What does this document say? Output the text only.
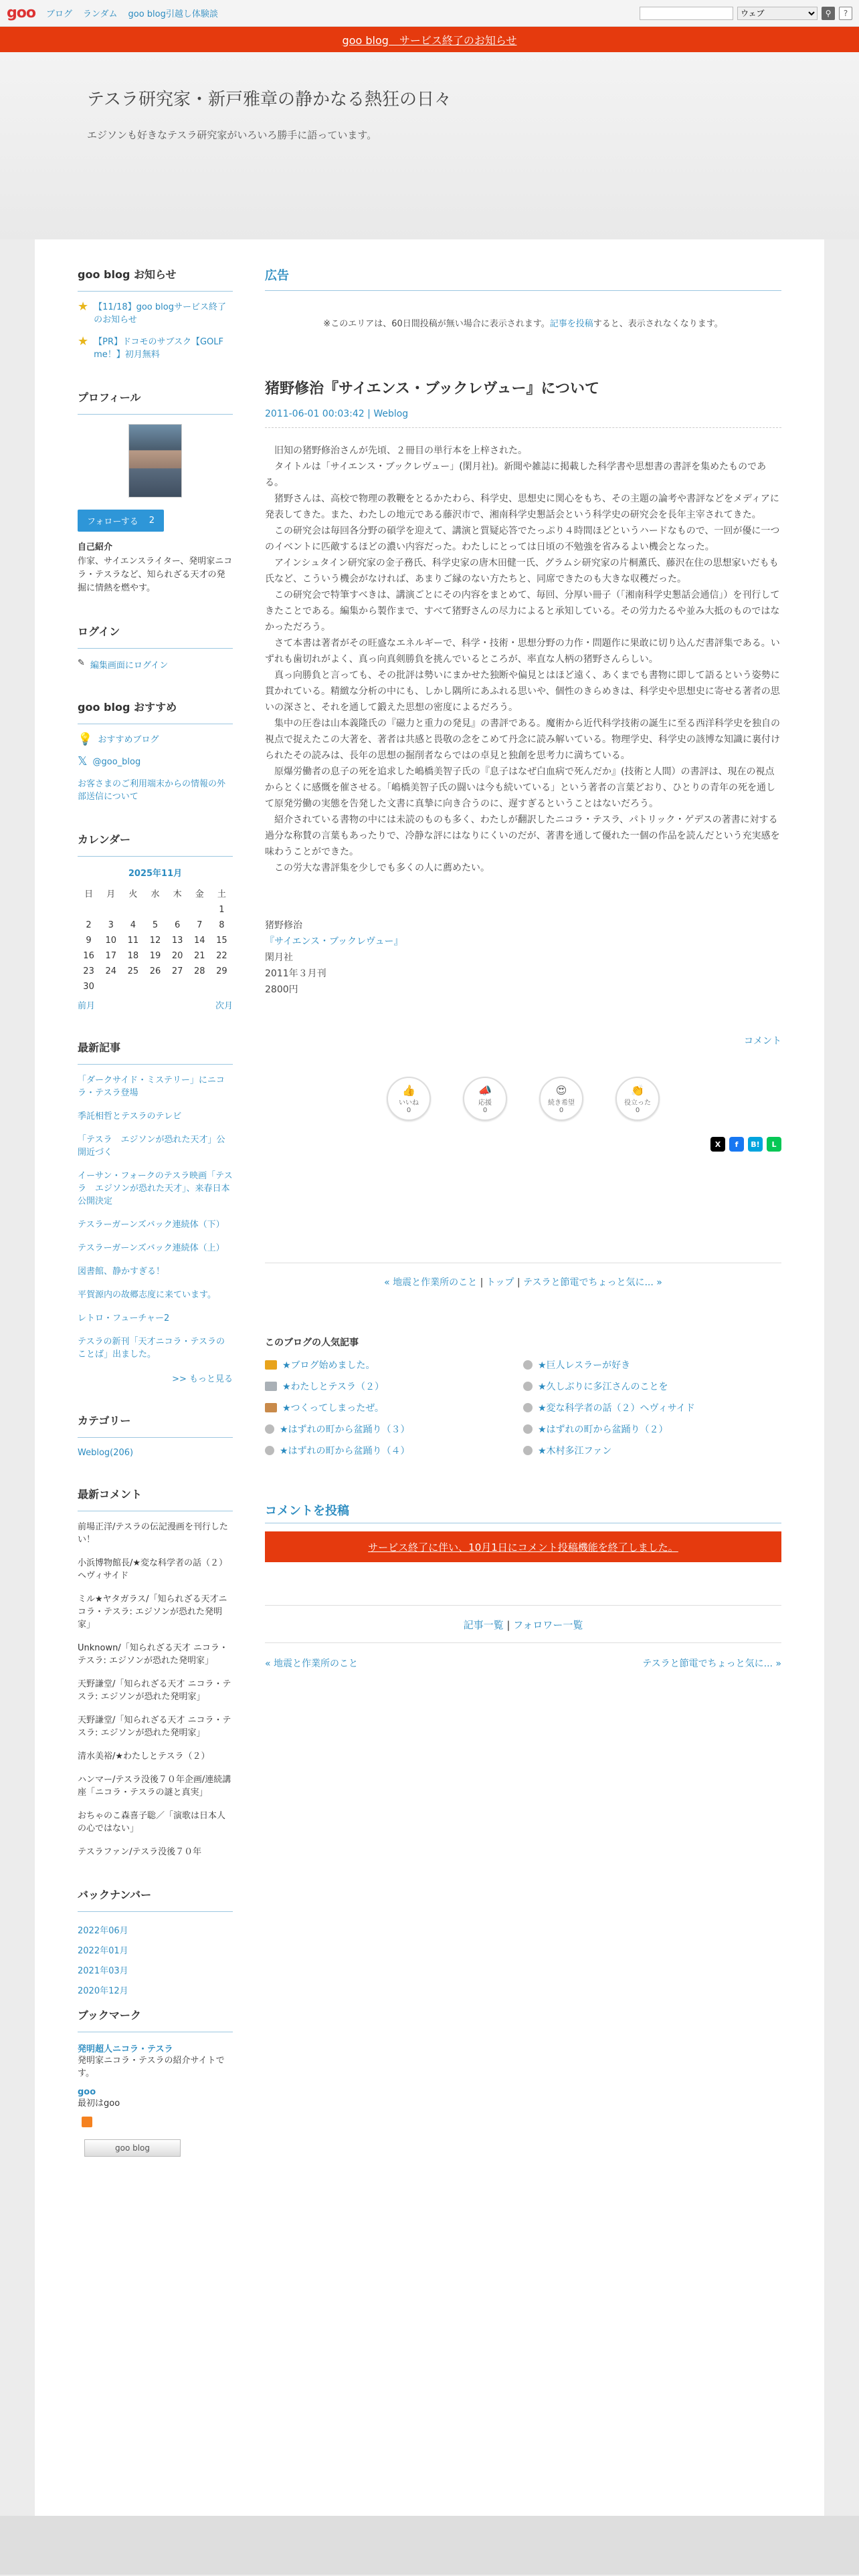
goo ブログ ランダム goo blog引越し体験談
ウェブ	⚲	?
goo blog　サービス終了のお知らせ
テスラ研究家・新戸雅章の静かなる熱狂の日々

エジソンも好きなテスラ研究家がいろいろ勝手に語っています。

goo blog お知らせ
★ 【11/18】goo blogサービス終了のお知らせ
★ 【PR】ドコモのサブスク【GOLF me！】初月無料
プロフィール
フォローする 2
自己紹介

作家、サイエンスライター、発明家ニコラ・テスラなど、知られざる天才の発掘に情熱を燃やす。

ログイン
✎ 編集画面にログイン
goo blog おすすめ
💡 おすすめブログ
𝕏 @goo_blog
お客さまのご利用端末からの情報の外部送信について
カレンダー
2025年11月
日	月	火	水	木	金	土
						1
2	3	4	5	6	7	8
9	10	11	12	13	14	15
16	17	18	19	20	21	22
23	24	25	26	27	28	29
30						
前月	次月
最新記事
「ダークサイド・ミステリー」にニコラ・テスラ登場
季託相哲とテスラのテレビ
「テスラ　エジソンが恐れた天才」公開近づく
イーサン・フォークのテスラ映画「テスラ　エジソンが恐れた天才」、来春日本公開決定
テスラーガーンズバック連続体（下）
テスラーガーンズバック連続体（上）
図書館、静かすぎる！
平賀源内の故郷志度に来ています。
レトロ・フューチャー2
テスラの新刊「天才ニコラ・テスラのことば」出ました。
>> もっと見る
カテゴリー
Weblog(206)
最新コメント
前場正洋/テスラの伝記漫画を刊行したい！
小浜博物館長/★変な科学者の話（２）ヘヴィサイド
ミル★ヤタガラス/「知られざる天才ニコラ・テスラ: エジソンが恐れた発明家」
Unknown/「知られざる天才 ニコラ・テスラ: エジソンが恐れた発明家」
天野謙堂/「知られざる天才 ニコラ・テスラ: エジソンが恐れた発明家」
天野謙堂/「知られざる天才 ニコラ・テスラ: エジソンが恐れた発明家」
清水美裕/★わたしとテスラ（２）
ハンマー/テスラ没後７０年企画/連続講座「ニコラ・テスラの謎と真実」
おちゃのこ森喜子聡／「演歌は日本人の心ではない」
テスラファン/テスラ没後７０年
バックナンバー
2022年06月
2022年01月
2021年03月
2020年12月
ブックマーク
発明超人ニコラ・テスラ

発明家ニコラ・テスラの紹介サイトです。

goo

最初はgoo

goo blog
広告

※このエリアは、60日間投稿が無い場合に表示されます。記事を投稿すると、表示されなくなります。

猪野修治『サイエンス・ブックレヴュー』について
2011-06-01 00:03:42 | Weblog

旧知の猪野修治さんが先頃、２冊目の単行本を上梓された。

タイトルは「サイエンス・ブックレヴュー」(閑月社)。新聞や雑誌に掲載した科学書や思想書の書評を集めたものである。

猪野さんは、高校で物理の教鞭をとるかたわら、科学史、思想史に関心をもち、その主題の論考や書評などをメディアに発表してきた。また、わたしの地元である藤沢市で、湘南科学史懇話会という科学史の研究会を長年主宰されてきた。

この研究会は毎回各分野の碩学を迎えて、講演と質疑応答でたっぷり４時間ほどというハードなもので、一回が優に一つのイベントに匹敵するほどの濃い内容だった。わたしにとっては日頃の不勉強を省みるよい機会となった。

アインシュタイン研究家の金子務氏、科学史家の唐木田健一氏、グラムシ研究家の片桐薫氏、藤沢在住の思想家いだもも氏など、こういう機会がなければ、あまりご縁のない方たちと、同席できたのも大きな収穫だった。

この研究会で特筆すべきは、講演ごとにその内容をまとめて、毎回、分厚い冊子（「湘南科学史懇話会通信」）を刊行してきたことである。編集から製作まで、すべて猪野さんの尽力によると承知している。その労力たるや並み大抵のものではなかっただろう。

さて本書は著者がその旺盛なエネルギーで、科学・技術・思想分野の力作・問題作に果敢に切り込んだ書評集である。いずれも歯切れがよく、真っ向真剣勝負を挑んでいるところが、率直な人柄の猪野さんらしい。

真っ向勝負と言っても、その批評は勢いにまかせた独断や偏見とはほど遠く、あくまでも書物に即して語るという姿勢に貫かれている。精緻な分析の中にも、しかし隅所にあふれる思いや、個性のきらめきは、科学史や思想史に寄せる著者の思いの深さと、それを通して鍛えた思想の密度によるだろう。

集中の圧巻は山本義隆氏の『磁力と重力の発見』の書評である。魔術から近代科学技術の誕生に至る西洋科学史を独自の視点で捉えたこの大著を、著者は共感と畏敬の念をこめて丹念に読み解いている。物理学史、科学史の該博な知識に裏付けられたその読みは、長年の思想の掘削者ならではの卓見と独創を思考力に満ちている。

原爆労働者の息子の死を追求した嶋橋美智子氏の『息子はなぜ白血病で死んだか』(技術と人間）の書評は、現在の視点からとくに感慨を催させる。「嶋橋美智子氏の闘いは今も続いている」という著者の言葉どおり、ひとりの青年の死を通して原発労働の実態を告発した文書に真摯に向き合うのに、遅すぎるということはないだろう。

紹介されている書物の中には未読のものも多く、わたしが翻訳したニコラ・テスラ、パトリック・ゲデスの著書に対する過分な称賛の言葉もあったりで、冷静な評にはなりにくいのだが、著書を通して優れた一個の作品を読んだという充実感を味わうことができた。

この労大な書評集を少しでも多くの人に薦めたい。

猪野修治
『サイエンス・ブックレヴュー』
閑月社
2011年３月刊
2800円
コメント
👍
いいね
0
📣
応援
0
😍
続き希望
0
👏
役立った
0
X	f	B!	L
« 地震と作業所のこと | トップ | テスラと節電でちょっと気に... »
このブログの人気記事
★ブログ始めました。	★巨人レスラーが好き
★わたしとテスラ（２）	★久しぶりに多江さんのことを
★つくってしまったぜ。	★変な科学者の話（２）ヘヴィサイド
★はずれの町から盆踊り（３）	★はずれの町から盆踊り（２）
★はずれの町から盆踊り（４）	★木村多江ファン
コメントを投稿
サービス終了に伴い、10月1日にコメント投稿機能を終了しました。
記事一覧 | フォロワー一覧
« 地震と作業所のこと	テスラと節電でちょっと気に... »
